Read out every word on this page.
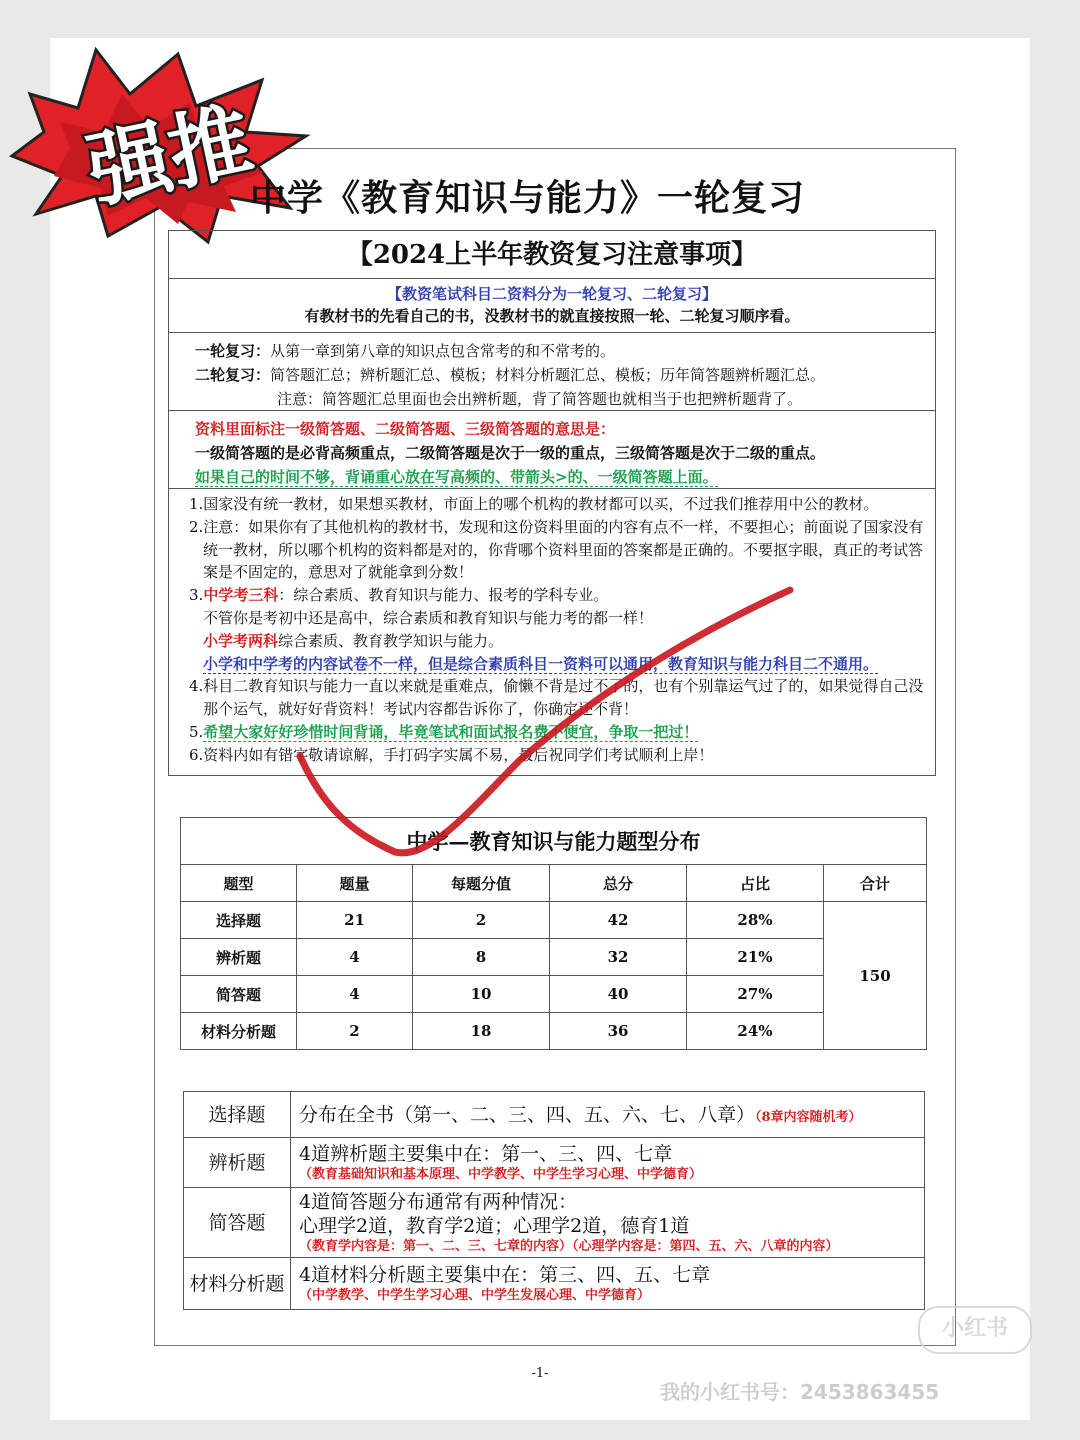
强推
中学《教育知识与能力》一轮复习
【2024上半年教资复习注意事项】
【教资笔试科目二资料分为一轮复习、二轮复习】
有教材书的先看自己的书，没教材书的就直接按照一轮、二轮复习顺序看。
一轮复习：从第一章到第八章的知识点包含常考的和不常考的。
二轮复习：简答题汇总；辨析题汇总、模板；材料分析题汇总、模板；历年简答题辨析题汇总。
注意：简答题汇总里面也会出辨析题，背了简答题也就相当于也把辨析题背了。
资料里面标注一级简答题、二级简答题、三级简答题的意思是：
一级简答题的是必背高频重点，二级简答题是次于一级的重点，三级简答题是次于二级的重点。
如果自己的时间不够，背诵重心放在写高频的、带箭头>的、一级简答题上面。
1.国家没有统一教材，如果想买教材，市面上的哪个机构的教材都可以买，不过我们推荐用中公的教材。
2.注意：如果你有了其他机构的教材书，发现和这份资料里面的内容有点不一样，不要担心；前面说了国家没有统一教材，所以哪个机构的资料都是对的，你背哪个资料里面的答案都是正确的。不要抠字眼，真正的考试答案是不固定的，意思对了就能拿到分数！
3.中学考三科：综合素质、教育知识与能力、报考的学科专业。
不管你是考初中还是高中，综合素质和教育知识与能力考的都一样！
小学考两科综合素质、教育教学知识与能力。
小学和中学考的内容试卷不一样，但是综合素质科目一资料可以通用，教育知识与能力科目二不通用。
4.科目二教育知识与能力一直以来就是重难点，偷懒不背是过不了的，也有个别靠运气过了的，如果觉得自己没那个运气，就好好背资料！考试内容都告诉你了，你确定还不背！
5.希望大家好好珍惜时间背诵，毕竟笔试和面试报名费不便宜，争取一把过！
6.资料内如有错字敬请谅解，手打码字实属不易，最后祝同学们考试顺利上岸！
中学—教育知识与能力题型分布					
题型	题量	每题分值	总分	占比	合计
选择题	21	2	42	28%	150
辨析题	4	8	32	21%	
简答题	4	10	40	27%	
材料分析题	2	18	36	24%	
选择题	分布在全书（第一、二、三、四、五、六、七、八章）（8章内容随机考）
辨析题	4道辨析题主要集中在：第一、三、四、七章
（教育基础知识和基本原理、中学教学、中学生学习心理、中学德育）

简答题	4道简答题分布通常有两种情况：
心理学2道，教育学2道；心理学2道，德育1道
（教育学内容是：第一、二、三、七章的内容）（心理学内容是：第四、五、六、八章的内容）

材料分析题	4道材料分析题主要集中在：第三、四、五、七章
（中学教学、中学生学习心理、中学生发展心理、中学德育）
-1-
小红书
我的小红书号：2453863455
